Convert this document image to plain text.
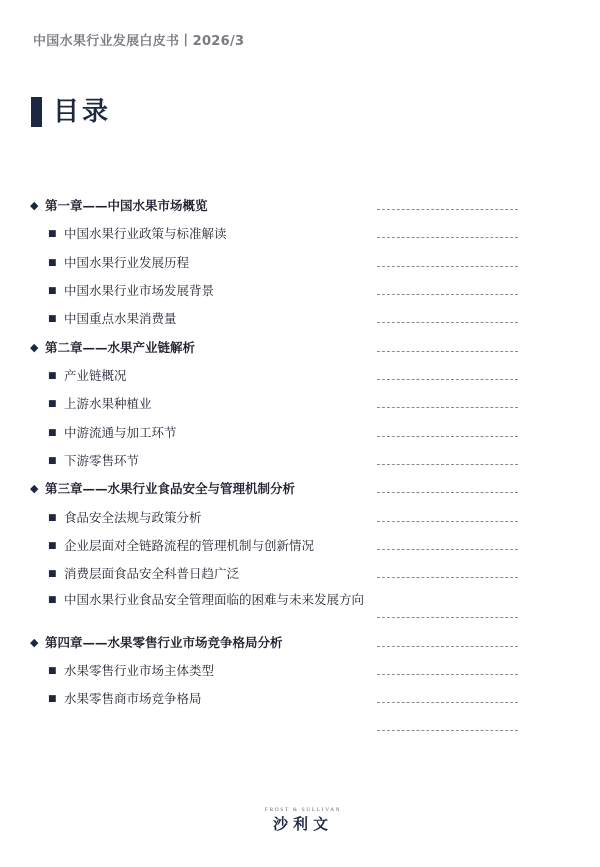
中国水果行业发展白皮书丨2026/3
目录
◆ 第一章——中国水果市场概览
■ 中国水果行业政策与标准解读
■ 中国水果行业发展历程
■ 中国水果行业市场发展背景
■ 中国重点水果消费量
◆ 第二章——水果产业链解析
■ 产业链概况
■ 上游水果种植业
■ 中游流通与加工环节
■ 下游零售环节
◆ 第三章——水果行业食品安全与管理机制分析
■ 食品安全法规与政策分析
■ 企业层面对全链路流程的管理机制与创新情况
■ 消费层面食品安全科普日趋广泛
■ 中国水果行业食品安全管理面临的困难与未来发展方向
◆ 第四章——水果零售行业市场竞争格局分析
■ 水果零售行业市场主体类型
■ 水果零售商市场竞争格局
FROST & SULLIVAN
沙利文
